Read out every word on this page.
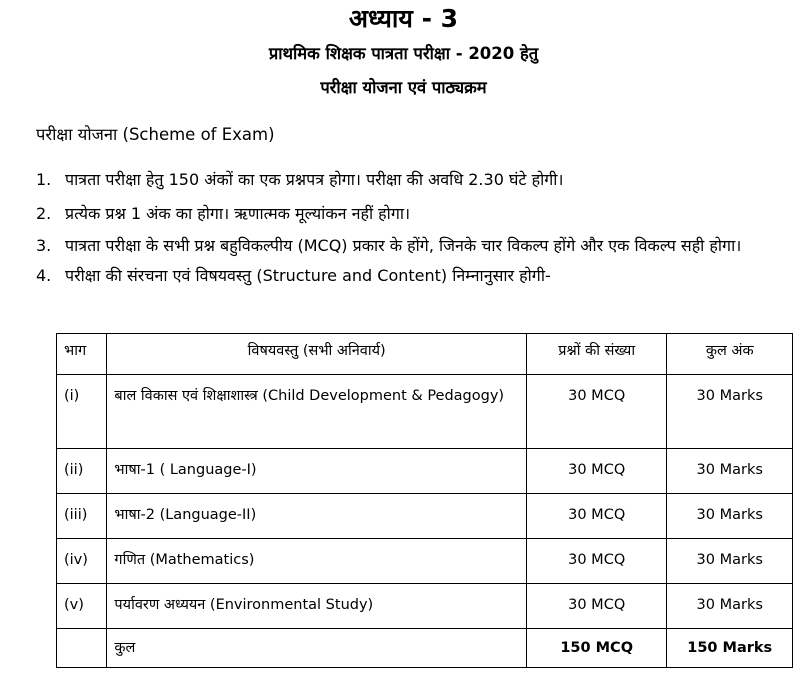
अध्याय - 3
प्राथमिक शिक्षक पात्रता परीक्षा - 2020 हेतु
परीक्षा योजना एवं पाठ्यक्रम
परीक्षा योजना (Scheme of Exam)
1. पात्रता परीक्षा हेतु 150 अंकों का एक प्रश्नपत्र होगा। परीक्षा की अवधि 2.30 घंटे होगी।
2. प्रत्येक प्रश्न 1 अंक का होगा। ऋणात्मक मूल्यांकन नहीं होगा।
3. पात्रता परीक्षा के सभी प्रश्न बहुविकल्पीय (MCQ) प्रकार के होंगे, जिनके चार विकल्प होंगे और एक विकल्प सही होगा।
4. परीक्षा की संरचना एवं विषयवस्तु (Structure and Content) निम्नानुसार होगी-
भाग	विषयवस्तु (सभी अनिवार्य)	प्रश्नों की संख्या	कुल अंक
(i)	बाल विकास एवं शिक्षाशास्त्र (Child Development & Pedagogy)	30 MCQ	30 Marks
(ii)	भाषा-1 ( Language-I)	30 MCQ	30 Marks
(iii)	भाषा-2 (Language-II)	30 MCQ	30 Marks
(iv)	गणित (Mathematics)	30 MCQ	30 Marks
(v)	पर्यावरण अध्ययन (Environmental Study)	30 MCQ	30 Marks
	कुल	150 MCQ	150 Marks
